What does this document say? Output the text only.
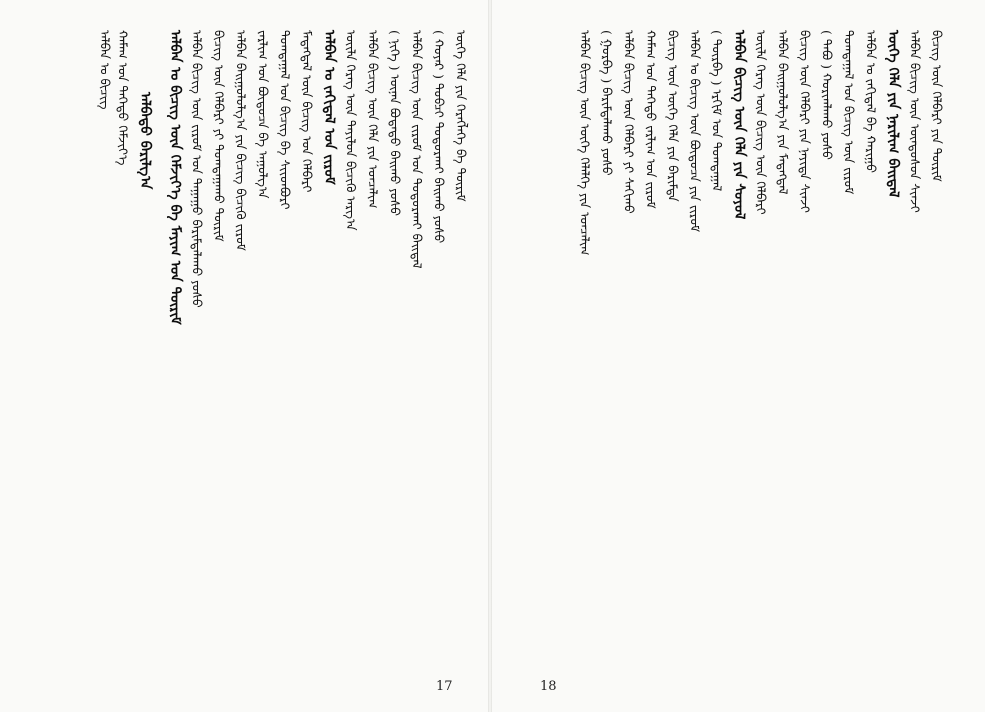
ᠠᠯᠪᠠᠲᠤ ᠪᠠᠷᠢᠯᠭ᠎ᠠ
ᠠᠯᠪᠠᠨ ᠤ ᠪᠢᠴᠢᠭ ᠬᠠᠮᠠᠭ ᠤᠨ ᠳᠡᠭᠡᠳᠦ ᠬᠡᠮᠵᠢᠶ᠎ᠡ	ᠠᠯᠪᠠᠨ ᠤ ᠪᠢᠴᠢᠭ ᠦᠨ ᠬᠡᠮᠵᠢᠶ᠎ᠡ ᠪᠠ ᠮᠠᠶᠢᠭ ᠤᠨ ᠳᠦᠷᠢᠮ ᠠᠯᠪᠠᠨ ᠪᠢᠴᠢᠭ ᠦᠨ ᠵᠢᠷᠤᠮ ᠤᠨ ᠳᠠᠭᠠᠭᠤ ᠪᠠᠷᠢᠮᠲᠠᠯᠠᠬᠤ ᠶᠣᠰᠤ ᠪᠢᠴᠢᠭ ᠦᠨ ᠬᠡᠯᠪᠡᠷᠢ ᠶᠢ ᠲᠣᠭᠲᠠᠭᠠᠬᠤ ᠳᠦᠷᠢᠮ ᠠᠯᠪᠠᠨ ᠪᠠᠢᠭᠤᠯᠤᠯᠭ᠎ᠠ ᠶᠢᠨ ᠪᠢᠴᠢᠭ ᠪᠢᠴᠢᠬᠦ ᠵᠢᠷᠤᠮ ᠵᠠᠷᠯᠢᠭ ᠤᠨ ᠪᠦᠲᠦᠴᠡ ᠪᠠ ᠠᠭᠤᠯᠭ᠎ᠠ ᠲᠣᠭᠲᠠᠭᠠᠯ ᠤᠨ ᠪᠢᠴᠢᠭ ᠪᠠ ᠰᠢᠢᠳᠪᠦᠷᠢ ᠮᠡᠳᠡᠭᠳᠡᠯ ᠦᠨ ᠪᠢᠴᠢᠭ ᠤᠨ ᠬᠡᠯᠪᠡᠷᠢ ᠠᠯᠪᠠᠨ ᠤ ᠵᠠᠬᠢᠳᠠᠯ ᠤᠨ ᠵᠢᠷᠤᠮ ᠦᠢᠯᠡ ᠬᠡᠷᠡᠭ ᠦᠨ ᠲᠠᠶᠢᠯᠤᠨ ᠪᠢᠴᠢᠬᠦ ᠠᠷᠭ᠎ᠠ ᠠᠯᠪᠠᠨ ᠪᠢᠴᠢᠭ ᠦᠨ ᠬᠡᠯᠡ ᠶᠢᠨ ᠣᠨᠴᠠᠯᠢᠭ ( ᠨᠢᠭᠡ ) ᠦᠨᠡᠨ ᠪᠣᠳᠠᠲᠤ ᠪᠠᠢᠬᠤ ᠶᠣᠰᠤ ᠠᠯᠪᠠᠨ ᠪᠢᠴᠢᠭ ᠦᠨ ᠵᠢᠷᠤᠮ ᠤᠨ ᠲᠣᠳᠣᠷᠬᠠᠢ ᠪᠠᠢᠳᠠᠯ ( ᠬᠣᠶᠠᠷ ) ᠲᠣᠪᠴᠢ ᠲᠣᠳᠣᠷᠬᠠᠢ ᠪᠠᠢᠬᠤ ᠶᠣᠰᠤ ᠦᠭᠡ ᠬᠡᠯᠡ ᠶᠢᠨ ᠬᠡᠷᠡᠭᠯᠡᠭᠡ ᠪᠠ ᠳᠦᠷᠢᠮ
17
ᠠᠯᠪᠠᠨ ᠪᠢᠴᠢᠭ ᠦᠨ ᠦᠭᠡ ᠬᠡᠯᠡᠯᠭᠡ ᠶᠢᠨ ᠣᠨᠴᠠᠯᠢᠭ ( ᠭᠤᠷᠪᠠ ) ᠪᠠᠷᠢᠮᠲᠠᠯᠠᠬᠤ ᠶᠣᠰᠤ ᠠᠯᠪᠠᠨ ᠪᠢᠴᠢᠭ ᠦᠨ ᠬᠡᠯᠪᠡᠷᠢ ᠶᠢ ᠰᠠᠬᠢᠬᠤ ᠬᠠᠮᠠᠭ ᠤᠨ ᠳᠡᠭᠡᠳᠦ ᠵᠠᠷᠯᠢᠭ ᠤᠨ ᠵᠢᠷᠤᠮ ᠪᠢᠴᠢᠭ ᠦᠨ ᠦᠭᠡ ᠬᠡᠯᠡ ᠶᠢᠨ ᠪᠠᠷᠢᠮᠲᠠ ᠠᠯᠪᠠᠨ ᠤ ᠪᠢᠴᠢᠭ ᠦᠨ ᠪᠦᠲᠦᠴᠡ ᠶᠢᠨ ᠵᠢᠷᠤᠮ ( ᠳᠥᠷᠪᠡ ) ᠡᠷᠬᠢᠮ ᠤᠨ ᠲᠣᠭᠲᠠᠭᠠᠯ ᠠᠯᠪᠠᠨ ᠪᠢᠴᠢᠭ ᠦᠨ ᠬᠡᠯᠡ ᠶᠢᠨ ᠰᠣᠶᠣᠯ ᠦᠢᠯᠡ ᠬᠡᠷᠡᠭ ᠦᠨ ᠪᠢᠴᠢᠭ ᠦᠨ ᠬᠡᠯᠪᠡᠷᠢ ᠠᠯᠪᠠᠨ ᠪᠠᠢᠭᠤᠯᠤᠯᠭ᠎ᠠ ᠶᠢᠨ ᠮᠡᠳᠡᠭᠳᠡᠯ ᠪᠢᠴᠢᠭ ᠦᠨ ᠬᠡᠯᠪᠡᠷᠢ ᠶᠢᠨ ᠨᠡᠶᠢᠲᠡ ᠰᠢᠨᠵᠢ ( ᠲᠠᠪᠤ ) ᠬᠣᠷᠢᠭᠯᠠᠬᠤ ᠶᠣᠰᠤ ᠲᠣᠭᠲᠠᠭᠠᠯ ᠤᠨ ᠪᠢᠴᠢᠭ ᠦᠨ ᠵᠢᠷᠤᠮ ᠠᠯᠪᠠᠨ ᠤ ᠵᠠᠬᠢᠳᠠᠯ ᠪᠠ ᠬᠠᠷᠢᠭᠤ ᠦᠭᠡ ᠬᠡᠯᠡ ᠶᠢᠨ ᠨᠠᠷᠢᠯᠢᠭ ᠪᠠᠢᠳᠠᠯ ᠠᠯᠪᠠᠨ ᠪᠢᠴᠢᠭ ᠦᠨ ᠦᠨᠳᠦᠰᠦᠨ ᠰᠢᠨᠵᠢ ᠪᠢᠴᠢᠭ ᠦᠨ ᠬᠡᠯᠪᠡᠷᠢ ᠶᠢᠨ ᠳᠦᠷᠢᠮ
18
